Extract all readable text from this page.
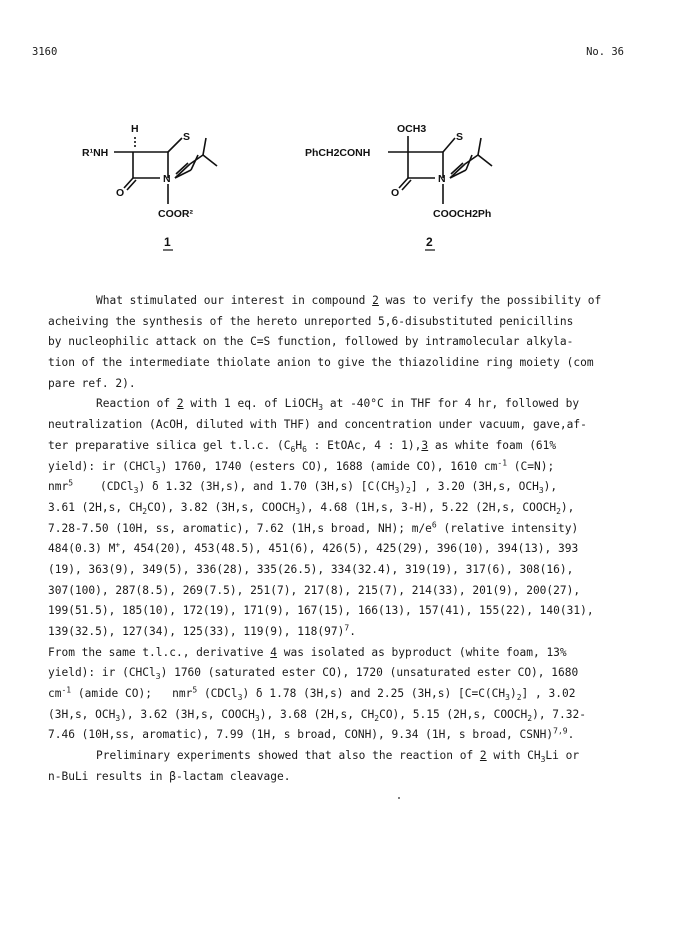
3160	No. 36
H
R¹NH
S
N
O
COOR²
1
OCH3
PhCH2CONH
S
N
O
COOCH2Ph
2
What stimulated our interest in compound 2 was to verify the possibility of
acheiving the synthesis of the hereto unreported 5,6-disubstituted penicillins
by nucleophilic attack on the C=S function, followed by intramolecular alkyla-
tion of the intermediate thiolate anion to give the thiazolidine ring moiety (com
pare ref. 2).
Reaction of 2 with 1 eq. of LiOCH$_3$ at -40°C in THF for 4 hr, followed by
neutralization (AcOH, diluted with THF) and concentration under vacuum, gave,af-
ter preparative silica gel t.l.c. ($C_6H_6$ : EtOAc, 4 : 1),3 as white foam (61%
yield): ir (CHCl$_3$) 1760, 1740 (esters CO), 1688 (amide CO), 1610 $cm^{-1}$ (C=N);
nmr$^5$    (CDCl$_3$) δ 1.32 (3H,s), and 1.70 (3H,s) $[C(CH_3)_2]$ , 3.20 (3H,s, $OCH_3$),
3.61 (2H,s, $CH_2CO$), 3.82 (3H,s, $COOCH_3$), 4.68 (1H,s, 3-H), 5.22 (2H,s, $COOCH_2$),
7.28-7.50 (10H, ss, aromatic), 7.62 (1H,s broad, NH); $m/e^6$ (relative intensity)
484(0.3) M+, 454(20), 453(48.5), 451(6), 426(5), 425(29), 396(10), 394(13), 393
(19), 363(9), 349(5), 336(28), 335(26.5), 334(32.4), 319(19), 317(6), 308(16),
307(100), 287(8.5), 269(7.5), 251(7), 217(8), 215(7), 214(33), 201(9), 200(27),
199(51.5), 185(10), 172(19), 171(9), 167(15), 166(13), 157(41), 155(22), 140(31),
139(32.5), 127(34), 125(33), 119(9), $118(97)^7$.
From the same t.l.c., derivative 4 was isolated as byproduct (white foam, 13%
yield): ir (CHCl$_3$) 1760 (saturated ester CO), 1720 (unsaturated ester CO), 1680
$cm^{-1}$ (amide CO);   nmr$^5$ (CDCl$_3$) δ 1.78 (3H,s) and 2.25 (3H,s) $[C=C(CH_3)_2]$ , 3.02
(3H,s, $OCH_3$), 3.62 (3H,s, $COOCH_3$), 3.68 (2H,s, $CH_2CO$), 5.15 (2H,s, $COOCH_2$), 7.32-
7.46 (10H,ss, aromatic), 7.99 (1H, s broad, CONH), 9.34 (1H, s broad, CSNH)$^{7,9}$.
Preliminary experiments showed that also the reaction of 2 with $CH_3Li$ or
n-BuLi results in β-lactam cleavage.
